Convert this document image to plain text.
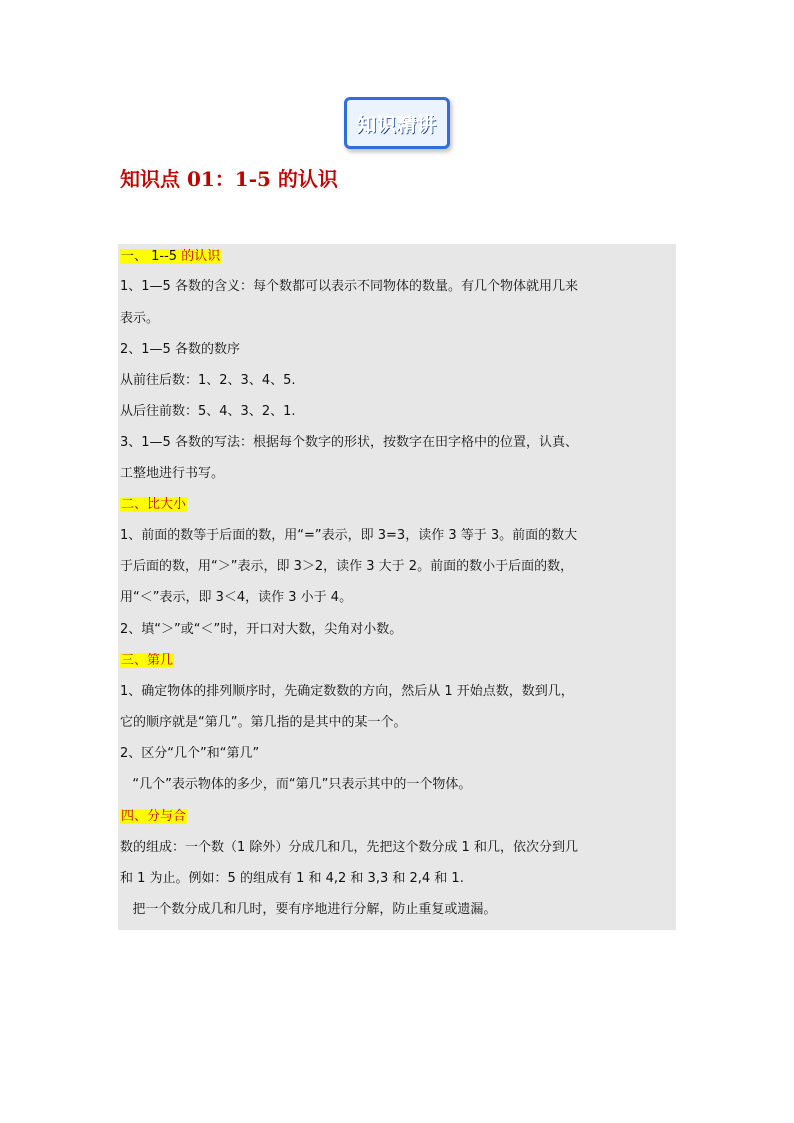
知识精讲
知识点 01：1-5 的认识
一、 1--5 的认识
1、1—5 各数的含义：每个数都可以表示不同物体的数量。有几个物体就用几来
表示。
2、1—5 各数的数序
从前往后数：1、2、3、4、5.
从后往前数：5、4、3、2、1.
3、1—5 各数的写法：根据每个数字的形状，按数字在田字格中的位置，认真、
工整地进行书写。
二、比大小
1、前面的数等于后面的数，用“=”表示，即 3=3，读作 3 等于 3。前面的数大
于后面的数，用“＞”表示，即 3＞2，读作 3 大于 2。前面的数小于后面的数，
用“＜”表示，即 3＜4，读作 3 小于 4。
2、填“＞”或“＜”时，开口对大数，尖角对小数。
三、第几
1、确定物体的排列顺序时，先确定数数的方向，然后从 1 开始点数，数到几，
它的顺序就是“第几”。第几指的是其中的某一个。
2、区分“几个”和“第几”
“几个”表示物体的多少，而“第几”只表示其中的一个物体。
四、分与合
数的组成：一个数（1 除外）分成几和几，先把这个数分成 1 和几，依次分到几
和 1 为止。例如：5 的组成有 1 和 4,2 和 3,3 和 2,4 和 1.
把一个数分成几和几时，要有序地进行分解，防止重复或遗漏。
